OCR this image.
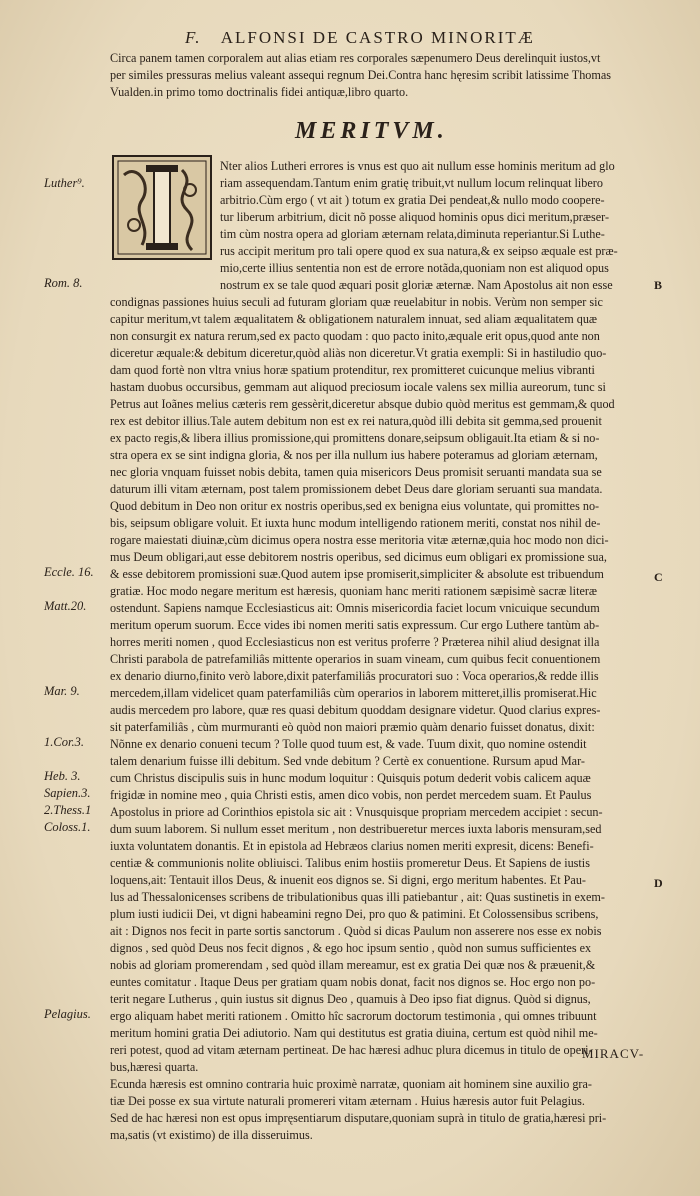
F. ALFONSI DE CASTRO MINORITÆ
Circa panem tamen corporalem aut alias etiam res corporales sæpenumero Deus derelinquit iustos,vt
per similes pressuras melius valeant assequi regnum Dei.Contra hanc hęresim scribit latissime Thomas
Vualden.in primo tomo doctrinalis fidei antiquæ,libro quarto.
MERITVM.
Nter alios Lutheri errores is vnus est quo ait nullum esse hominis meritum ad glo
riam assequendam.Tantum enim gratię tribuit,vt nullum locum relinquat libero
arbitrio.Cùm ergo ( vt ait ) totum ex gratia Dei pendeat,& nullo modo coopere-
tur liberum arbitrium, dicit nõ posse aliquod hominis opus dici meritum,præser-
tim cùm nostra opera ad gloriam æternam relata,diminuta reperiantur.Si Luthe-
rus accipit meritum pro tali opere quod ex sua natura,& ex seipso æquale est præ-
mio,certe illius sententia non est de errore notãda,quoniam non est aliquod opus
nostrum ex se tale quod æquari posit gloriæ æternæ. Nam Apostolus ait non esse
condignas passiones huius seculi ad futuram gloriam quæ reuelabitur in nobis. Verùm non semper sic
capitur meritum,vt talem æqualitatem & obligationem naturalem innuat, sed aliam æqualitatem quæ
non consurgit ex natura rerum,sed ex pacto quodam : quo pacto inito,æquale erit opus,quod ante non
diceretur æquale:& debitum diceretur,quòd aliàs non diceretur.Vt gratia exempli: Si in hastiludio quo-
dam quod fortè non vltra vnius horæ spatium protenditur, rex promitteret cuicunque melius vibranti
hastam duobus occursibus, gemmam aut aliquod preciosum iocale valens sex millia aureorum, tunc si
Petrus aut Ioãnes melius cæteris rem gessèrit,diceretur absque dubio quòd meritus est gemmam,& quod
rex est debitor illius.Tale autem debitum non est ex rei natura,quòd illi debita sit gemma,sed prouenit
ex pacto regis,& libera illius promissione,qui promittens donare,seipsum obligauit.Ita etiam & si no-
stra opera ex se sint indigna gloria, & nos per illa nullum ius habere poteramus ad gloriam æternam,
nec gloria vnquam fuisset nobis debita, tamen quia misericors Deus promisit seruanti mandata sua se
daturum illi vitam æternam, post talem promissionem debet Deus dare gloriam seruanti sua mandata.
Quod debitum in Deo non oritur ex nostris operibus,sed ex benigna eius voluntate, qui promittes no-
bis, seipsum obligare voluit. Et iuxta hunc modum intelligendo rationem meriti, constat nos nihil de-
rogare maiestati diuinæ,cùm dicimus opera nostra esse meritoria vitæ æternæ,quia hoc modo non dici-
mus Deum obligari,aut esse debitorem nostris operibus, sed dicimus eum obligari ex promissione sua,
& esse debitorem promissioni suæ.Quod autem ipse promiserit,simpliciter & absolute est tribuendum
gratiæ. Hoc modo negare meritum est hæresis, quoniam hanc meriti rationem sæpisimè sacræ literæ
ostendunt. Sapiens namque Ecclesiasticus ait: Omnis misericordia faciet locum vnicuique secundum
meritum operum suorum. Ecce vides ibi nomen meriti satis expressum. Cur ergo Luthere tantùm ab-
horres meriti nomen , quod Ecclesiasticus non est veritus proferre ? Præterea nihil aliud designat illa
Christi parabola de patrefamiliâs mittente operarios in suam vineam, cum quibus fecit conuentionem
ex denario diurno,finito verò labore,dixit paterfamiliâs procuratori suo : Voca operarios,& redde illis
mercedem,illam videlicet quam paterfamiliâs cùm operarios in laborem mitteret,illis promiserat.Hic
audis mercedem pro labore, quæ res quasi debitum quoddam designare videtur. Quod clarius expres-
sit paterfamiliâs , cùm murmuranti eò quòd non maiori præmio quàm denario fuisset donatus, dixit:
Nõnne ex denario conueni tecum ? Tolle quod tuum est, & vade. Tuum dixit, quo nomine ostendit
talem denarium fuisse illi debitum. Sed vnde debitum ? Certè ex conuentione. Rursum apud Mar-
cum Christus discipulis suis in hunc modum loquitur : Quisquis potum dederit vobis calicem aquæ
frigidæ in nomine meo , quia Christi estis, amen dico vobis, non perdet mercedem suam. Et Paulus
Apostolus in priore ad Corinthios epistola sic ait : Vnusquisque propriam mercedem accipiet : secun-
dum suum laborem. Si nullum esset meritum , non destribueretur merces iuxta laboris mensuram,sed
iuxta voluntatem donantis. Et in epistola ad Hebræos clarius nomen meriti expresit, dicens: Benefi-
centiæ & communionis nolite obliuisci. Talibus enim hostiis promeretur Deus. Et Sapiens de iustis
loquens,ait: Tentauit illos Deus, & inuenit eos dignos se. Si digni, ergo meritum habentes. Et Pau-
lus ad Thessalonicenses scribens de tribulationibus quas illi patiebantur , ait: Quas sustinetis in exem-
plum iusti iudicii Dei, vt digni habeamini regno Dei, pro quo & patimini. Et Colossensibus scribens,
ait : Dignos nos fecit in parte sortis sanctorum . Quòd si dicas Paulum non asserere nos esse ex nobis
dignos , sed quòd Deus nos fecit dignos , & ego hoc ipsum sentio , quòd non sumus sufficientes ex
nobis ad gloriam promerendam , sed quòd illam mereamur, est ex gratia Dei quæ nos & præuenit,&
euntes comitatur . Itaque Deus per gratiam quam nobis donat, facit nos dignos se. Hoc ergo non po-
terit negare Lutherus , quin iustus sit dignus Deo , quamuis à Deo ipso fiat dignus. Quòd si dignus,
ergo aliquam habet meriti rationem . Omitto hîc sacrorum doctorum testimonia , qui omnes tribuunt
meritum homini gratia Dei adiutorio. Nam qui destitutus est gratia diuina, certum est quòd nihil me-
reri potest, quod ad vitam æternam pertineat. De hac hæresi adhuc plura dicemus in titulo de operi-
bus,hæresi quarta.
Ecunda hæresis est omnino contraria huic proximè narratæ, quoniam ait hominem sine auxilio gra-
tiæ Dei posse ex sua virtute naturali promereri vitam æternam . Huius hæresis autor fuit Pelagius.
Sed de hac hæresi non est opus impręsentiarum disputare,quoniam suprà in titulo de gratia,hæresi pri-
ma,satis (vt existimo) de illa disseruimus.
Luther⁹.
Rom. 8.
Eccle. 16.
Matt.20.
Mar. 9.
1.Cor.3.
Heb. 3.
Sapien.3.
2.Thess.1
Coloss.1.
Pelagius.
B
C
D
MIRACV-
